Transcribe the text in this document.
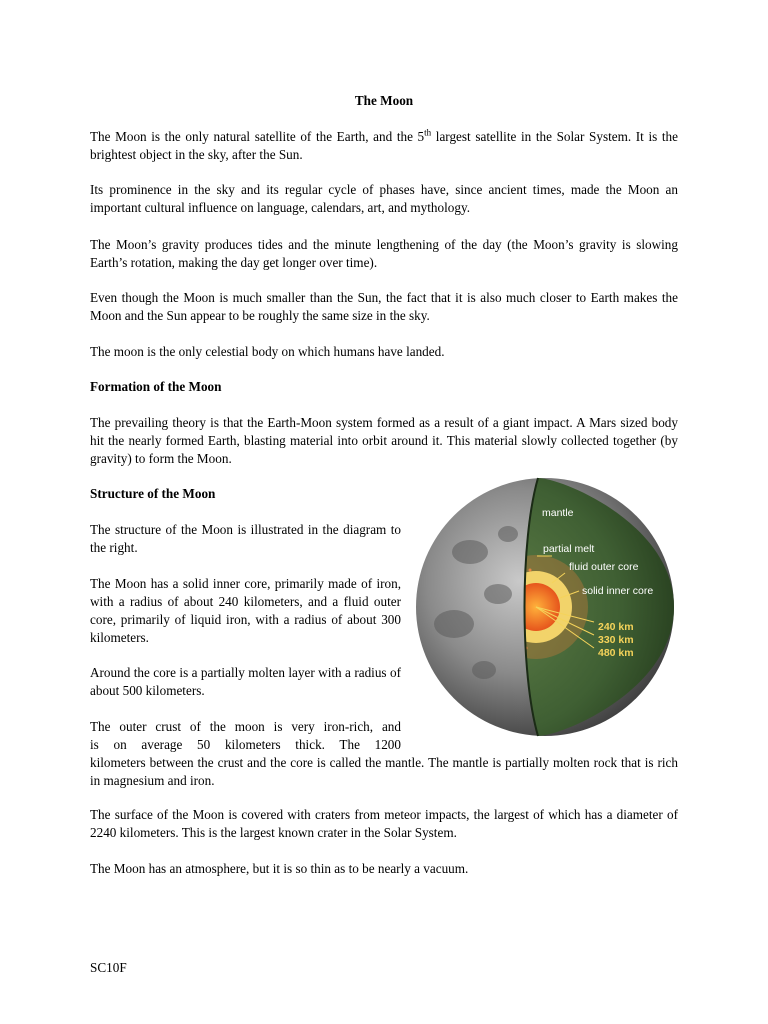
The Moon

The Moon is the only natural satellite of the Earth, and the 5th largest satellite in the Solar System. It is the brightest object in the sky, after the Sun.

Its prominence in the sky and its regular cycle of phases have, since ancient times, made the Moon an important cultural influence on language, calendars, art, and mythology.

The Moon’s gravity produces tides and the minute lengthening of the day (the Moon’s gravity is slowing Earth’s rotation, making the day get longer over time).

Even though the Moon is much smaller than the Sun, the fact that it is also much closer to Earth makes the Moon and the Sun appear to be roughly the same size in the sky.

The moon is the only celestial body on which humans have landed.

Formation of the Moon

The prevailing theory is that the Earth-Moon system formed as a result of a giant impact. A Mars sized body hit the nearly formed Earth, blasting material into orbit around it. This material slowly collected together (by gravity) to form the Moon.

Structure of the Moon

The structure of the Moon is illustrated in the diagram to the right.

The Moon has a solid inner core, primarily made of iron, with a radius of about 240 kilometers, and a fluid outer core, primarily of liquid iron, with a radius of about 300 kilometers.

Around the core is a partially molten layer with a radius of about 500 kilometers.

The outer crust of the moon is very iron-rich, and

is on average 50 kilometers thick. The 1200

kilometers between the crust and the core is called the mantle. The mantle is partially molten rock that is rich in magnesium and iron.

The surface of the Moon is covered with craters from meteor impacts, the largest of which has a diameter of 2240 kilometers. This is the largest known crater in the Solar System.

The Moon has an atmosphere, but it is so thin as to be nearly a vacuum.

mantle
partial melt
fluid outer core
solid inner core
240 km
330 km
480 km
SC10F
